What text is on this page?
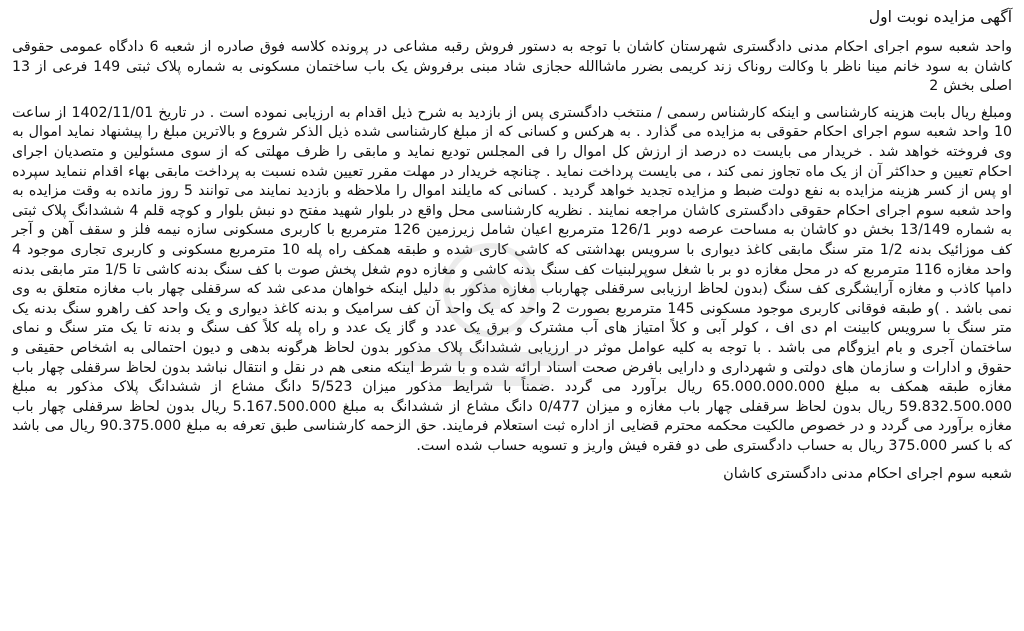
آگهی مزایده نوبت اول

واحد شعبه سوم اجرای احکام مدنی دادگستری شهرستان کاشان با توجه به دستور فروش رقبه مشاعی در پرونده کلاسه فوق صادره از شعبه 6 دادگاه عمومی حقوقی کاشان به سود خانم مینا ناظر با وکالت روناک زند کریمی بضرر ماشاالله حجازی شاد مبنی برفروش یک باب ساختمان مسکونی به شماره پلاک ثبتی 149 فرعی از 13 اصلی بخش 2

ومبلغ ریال بابت هزینه کارشناسی و اینکه کارشناس رسمی / منتخب دادگستری پس از بازدید به شرح ذیل اقدام به ارزیابی نموده است . در تاریخ 1402/11/01 از ساعت 10 واحد شعبه سوم اجرای احکام حقوقی به مزایده می گذارد . به هرکس و کسانی که از مبلغ کارشناسی شده ذیل الذکر شروع و بالاترین مبلغ را پیشنهاد نماید اموال به وی فروخته خواهد شد . خریدار می بایست ده درصد از ارزش کل اموال را فی المجلس تودیع نماید و مابقی را ظرف مهلتی که از سوی مسئولین و متصدیان اجرای احکام تعیین و حداکثر آن از یک ماه تجاوز نمی کند ، می بایست پرداخت نماید . چنانچه خریدار در مهلت مقرر تعیین شده نسبت به پرداخت مابقی بهاء اقدام ننماید سپرده او پس از کسر هزینه مزایده به نفع دولت ضبط و مزایده تجدید خواهد گردید . کسانی که مایلند اموال را ملاحظه و بازدید نمایند می توانند 5 روز مانده به وقت مزایده به واحد شعبه سوم اجرای احکام حقوقی دادگستری کاشان مراجعه نمایند . نظریه کارشناسی محل واقع در بلوار شهید مفتح دو نبش بلوار و کوچه قلم 4 ششدانگ پلاک ثبتی به شماره 13/149 بخش دو کاشان به مساحت عرصه دوبر 126/1 مترمربع اعیان شامل زیرزمین 126 مترمربع با کاربری مسکونی سازه نیمه فلز و سقف آهن و آجر کف موزائیک بدنه 1/2 متر سنگ مابقی کاغذ دیواری با سرویس بهداشتی که کاشی کاری شده و طبقه همکف راه پله 10 مترمربع مسکونی و کاربری تجاری موجود 4 واحد مغازه 116 مترمربع که در محل مغازه دو بر با شغل سوپرلبنیات کف سنگ بدنه کاشی و مغازه دوم شغل پخش صوت با کف سنگ بدنه کاشی تا 1/5 متر مابقی بدنه دامپا کاذب و مغازه آرایشگری کف سنگ (بدون لحاظ ارزیابی سرقفلی چهارباب مغازه مذکور به دلیل اینکه خواهان مدعی شد که سرقفلی چهار باب مغازه متعلق به وی نمی باشد . )و طبقه فوقانی کاربری موجود مسکونی 145 مترمربع بصورت 2 واحد که یک واحد آن کف سرامیک و بدنه کاغذ دیواری و یک واحد کف راهرو سنگ بدنه یک متر سنگ با سرویس کابینت ام دی اف ، کولر آبی و کلاً امتیاز های آب مشترک و برق یک عدد و گاز یک عدد و راه پله کلاً کف سنگ و بدنه تا یک متر سنگ و نمای ساختمان آجری و بام ایزوگام می باشد . با توجه به کلیه عوامل موثر در ارزیابی ششدانگ پلاک مذکور بدون لحاظ هرگونه بدهی و دیون احتمالی به اشخاص حقیقی و حقوق و ادارات و سازمان های دولتی و شهرداری و دارایی بافرض صحت اسناد ارائه شده و با شرط اینکه منعی هم در نقل و انتقال نباشد بدون لحاظ سرقفلی چهار باب مغازه طبقه همکف به مبلغ 65.000.000.000 ریال برآورد می گردد .ضمناً با شرایط مذکور میزان 5/523 دانگ مشاع از ششدانگ پلاک مذکور به مبلغ 59.832.500.000 ریال بدون لحاظ سرقفلی چهار باب مغازه و میزان 0/477 دانگ مشاع از ششدانگ به مبلغ 5.167.500.000 ریال بدون لحاظ سرقفلی چهار باب مغازه برآورد می گردد و در خصوص مالکیت محکمه محترم قضایی از اداره ثبت استعلام فرمایند. حق الزحمه کارشناسی طبق تعرفه به مبلغ 90.375.000 ریال می باشد که با کسر 375.000 ریال به حساب دادگستری طی دو فقره فیش واریز و تسویه حساب شده است.

شعبه سوم اجرای احکام مدنی دادگستری کاشان
